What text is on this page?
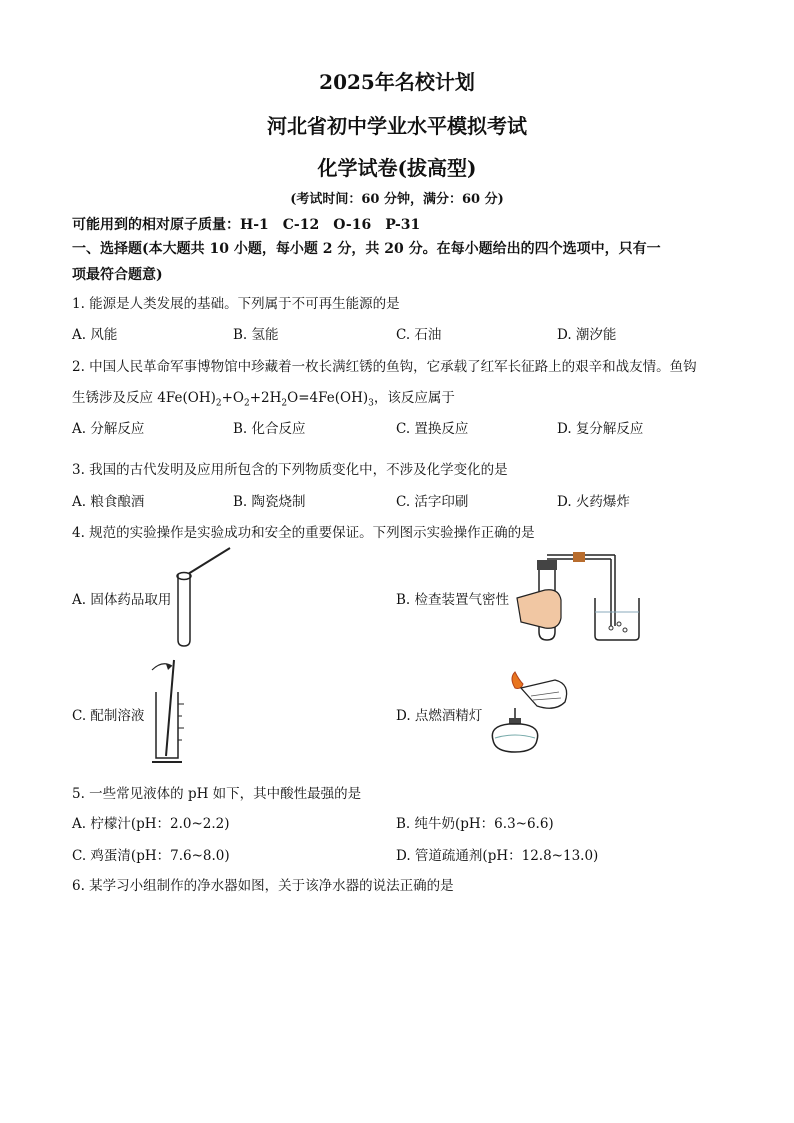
2025年名校计划
河北省初中学业水平模拟考试
化学试卷(拔高型)
(考试时间：60 分钟，满分：60 分)
可能用到的相对原子质量：H-1　C-12　O-16　P-31
一、选择题(本大题共 10 小题，每小题 2 分，共 20 分。在每小题给出的四个选项中，只有一
项最符合题意)
1. 能源是人类发展的基础。下列属于不可再生能源的是
A. 风能	B. 氢能	C. 石油	D. 潮汐能
2. 中国人民革命军事博物馆中珍藏着一枚长满红锈的鱼钩，它承载了红军长征路上的艰辛和战友情。鱼钩
生锈涉及反应 $4Fe(OH)_2+O_2+2H_2O=4Fe(OH)_3$，该反应属于
A. 分解反应	B. 化合反应	C. 置换反应	D. 复分解反应
3. 我国的古代发明及应用所包含的下列物质变化中，不涉及化学变化的是
A. 粮食酿酒	B. 陶瓷烧制	C. 活字印刷	D. 火药爆炸
4. 规范的实验操作是实验成功和安全的重要保证。下列图示实验操作正确的是
A. 固体药品取用	B. 检查装置气密性
C. 配制溶液	D. 点燃酒精灯
5. 一些常见液体的 pH 如下，其中酸性最强的是
A. 柠檬汁(pH：2.0~2.2)	B. 纯牛奶(pH：6.3~6.6)
C. 鸡蛋清(pH：7.6~8.0)	D. 管道疏通剂(pH：12.8~13.0)
6. 某学习小组制作的净水器如图，关于该净水器的说法正确的是
